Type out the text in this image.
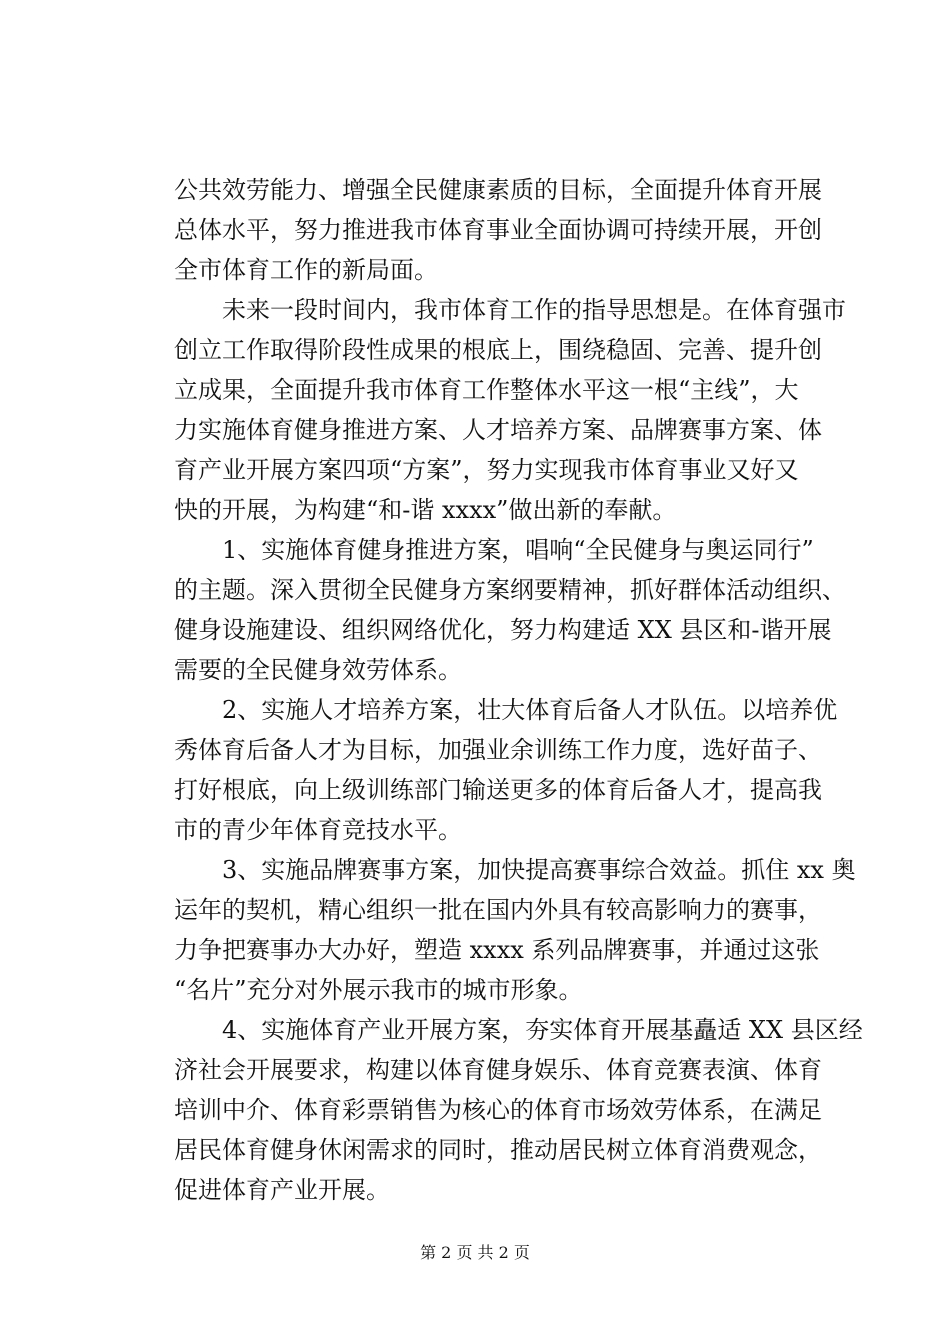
公共效劳能力、增强全民健康素质的目标，全面提升体育开展
总体水平，努力推进我市体育事业全面协调可持续开展，开创
全市体育工作的新局面。
未来一段时间内，我市体育工作的指导思想是。在体育强市
创立工作取得阶段性成果的根底上，围绕稳固、完善、提升创
立成果，全面提升我市体育工作整体水平这一根“主线”，大
力实施体育健身推进方案、人才培养方案、品牌赛事方案、体
育产业开展方案四项“方案”，努力实现我市体育事业又好又
快的开展，为构建“和-谐 xxxx”做出新的奉献。
1、实施体育健身推进方案，唱响“全民健身与奥运同行”
的主题。深入贯彻全民健身方案纲要精神，抓好群体活动组织、
健身设施建设、组织网络优化，努力构建适 XX 县区和-谐开展
需要的全民健身效劳体系。
2、实施人才培养方案，壮大体育后备人才队伍。以培养优
秀体育后备人才为目标，加强业余训练工作力度，选好苗子、
打好根底，向上级训练部门输送更多的体育后备人才，提高我
市的青少年体育竞技水平。
3、实施品牌赛事方案，加快提高赛事综合效益。抓住 xx 奥
运年的契机，精心组织一批在国内外具有较高影响力的赛事，
力争把赛事办大办好，塑造 xxxx 系列品牌赛事，并通过这张
“名片”充分对外展示我市的城市形象。
4、实施体育产业开展方案，夯实体育开展基矗适 XX 县区经
济社会开展要求，构建以体育健身娱乐、体育竞赛表演、体育
培训中介、体育彩票销售为核心的体育市场效劳体系，在满足
居民体育健身休闲需求的同时，推动居民树立体育消费观念，
促进体育产业开展。
第 2 页 共 2 页
